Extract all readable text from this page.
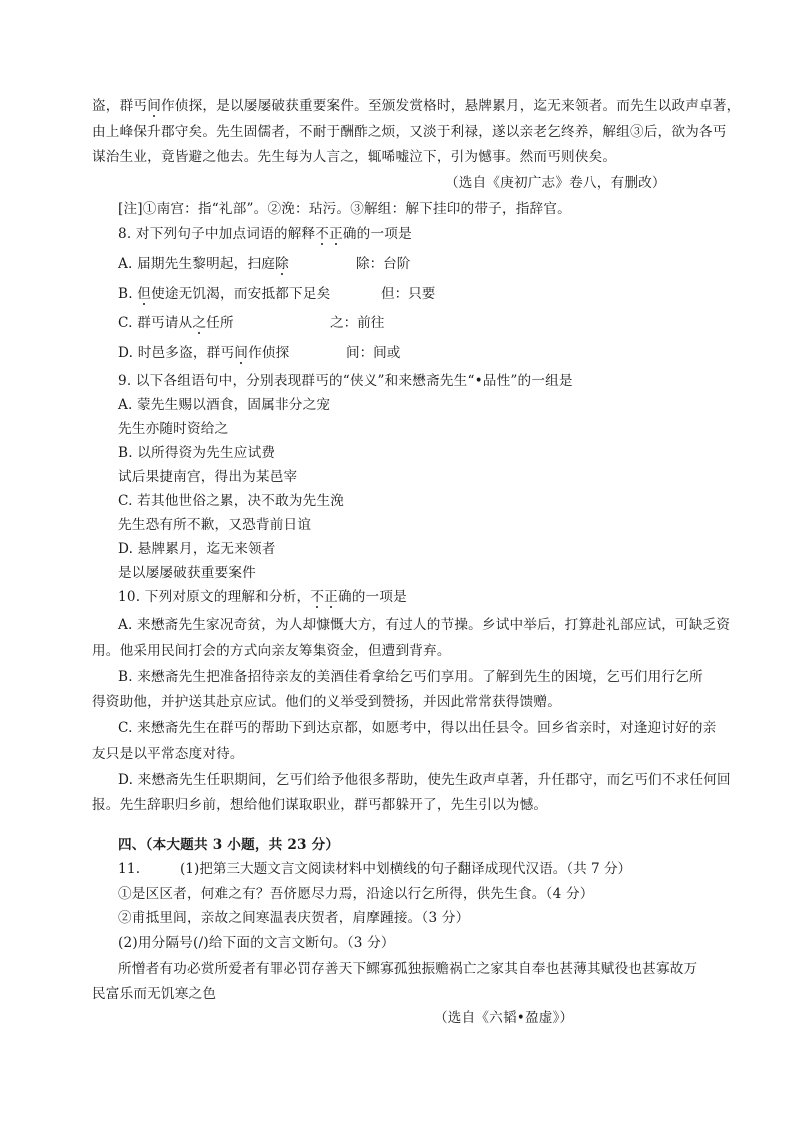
盗，群丐间作侦探，是以屡屡破获重要案件。至颁发赏格时，悬牌累月，迄无来领者。而先生以政声卓著，
由上峰保升郡守矣。先生固儒者，不耐于酬酢之烦，又淡于利禄，遂以亲老乞终养，解组③后，欲为各丐
谋治生业，竟皆避之他去。先生每为人言之，辄唏嘘泣下，引为憾事。然而丐则侠矣。
（选自《庚初广志》卷八，有删改）
[注]①南宫：指“礼部”。②浼：玷污。③解组：解下挂印的带子，指辞官。
8. 对下列句子中加点词语的解释不正确的一项是
A. 届期先生黎明起，扫庭除	除：台阶
B. 但使途无饥渴，而安抵都下足矣	但：只要
C. 群丐请从之任所	之：前往
D. 时邑多盗，群丐间作侦探	间：间或
9. 以下各组语句中，分别表现群丐的“侠义”和来懋斋先生“•品性”的一组是
A. 蒙先生赐以酒食，固属非分之宠
先生亦随时资给之
B. 以所得资为先生应试费
试后果捷南宫，得出为某邑宰
C. 若其他世俗之累，决不敢为先生浼
先生恐有所不歉，又恐背前日谊
D. 悬牌累月，迄无来领者
是以屡屡破获重要案件
10. 下列对原文的理解和分析，不正确的一项是
A. 来懋斋先生家况奇贫，为人却慷慨大方，有过人的节操。乡试中举后，打算赴礼部应试，可缺乏资
用。他采用民间打会的方式向亲友筹集资金，但遭到背弃。
B. 来懋斋先生把准备招待亲友的美酒佳肴拿给乞丐们享用。了解到先生的困境，乞丐们用行乞所
得资助他，并护送其赴京应试。他们的义举受到赞扬，并因此常常获得馈赠。
C. 来懋斋先生在群丐的帮助下到达京都，如愿考中，得以出任县令。回乡省亲时，对逢迎讨好的亲
友只是以平常态度对待。
D. 来懋斋先生任职期间，乞丐们给予他很多帮助，使先生政声卓著，升任郡守，而乞丐们不求任何回
报。先生辞职归乡前，想给他们谋取职业，群丐都躲开了，先生引以为憾。
四、（本大题共 3 小题，共 23 分）
11.	(1)把第三大题文言文阅读材料中划横线的句子翻译成现代汉语。（共 7 分）
①是区区者，何难之有？吾侪愿尽力焉，沿途以行乞所得，供先生食。（4 分）
②甫抵里闾，亲故之间寒温表庆贺者，肩摩踵接。（3 分）
(2)用分隔号(/)给下面的文言文断句。（3 分）
所憎者有功必赏所爱者有罪必罚存善天下鳏寡孤独振赡祸亡之家其自奉也甚薄其赋役也甚寡故万
民富乐而无饥寒之色
（选自《六韬•盈虚》）
